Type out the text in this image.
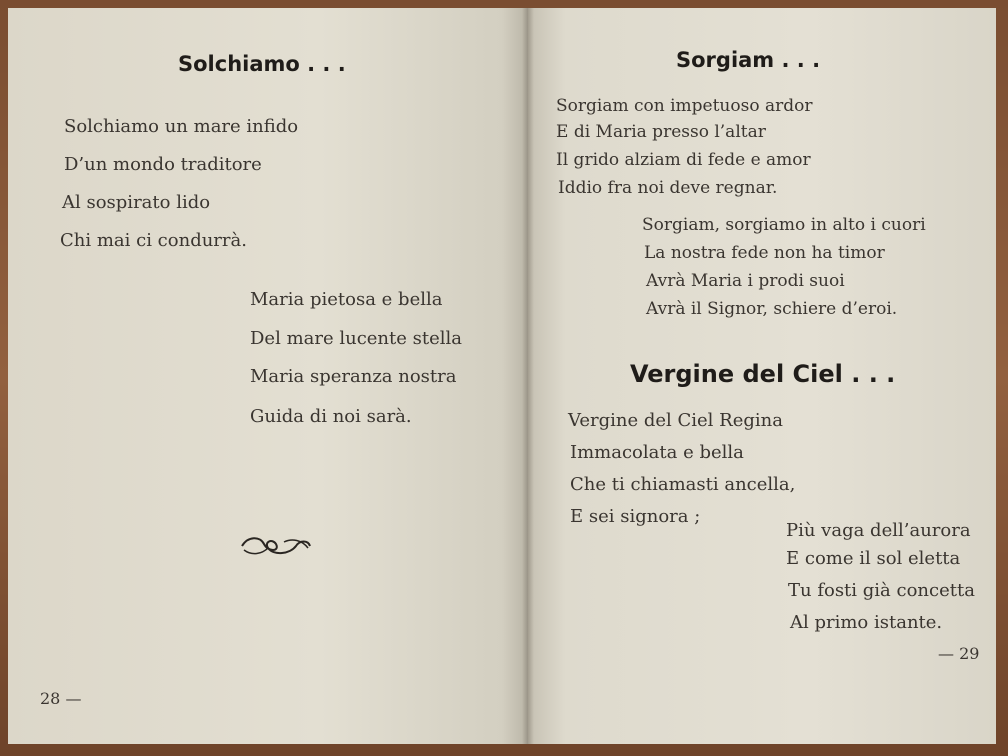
Solchiamo . . .
Solchiamo un mare infido
D’un mondo traditore
Al sospirato lido
Chi mai ci condurrà.
Maria pietosa e bella
Del mare lucente stella
Maria speranza nostra
Guida di noi sarà.
28 —
Sorgiam . . .
Sorgiam con impetuoso ardor
E di Maria presso l’altar
Il grido alziam di fede e amor
Iddio fra noi deve regnar.
Sorgiam, sorgiamo in alto i cuori
La nostra fede non ha timor
Avrà Maria i prodi suoi
Avrà il Signor, schiere d’eroi.
Vergine del Ciel . . .
Vergine del Ciel Regina
Immacolata e bella
Che ti chiamasti ancella,
E sei signora ;
Più vaga dell’aurora
E come il sol eletta
Tu fosti già concetta
Al primo istante.
— 29
